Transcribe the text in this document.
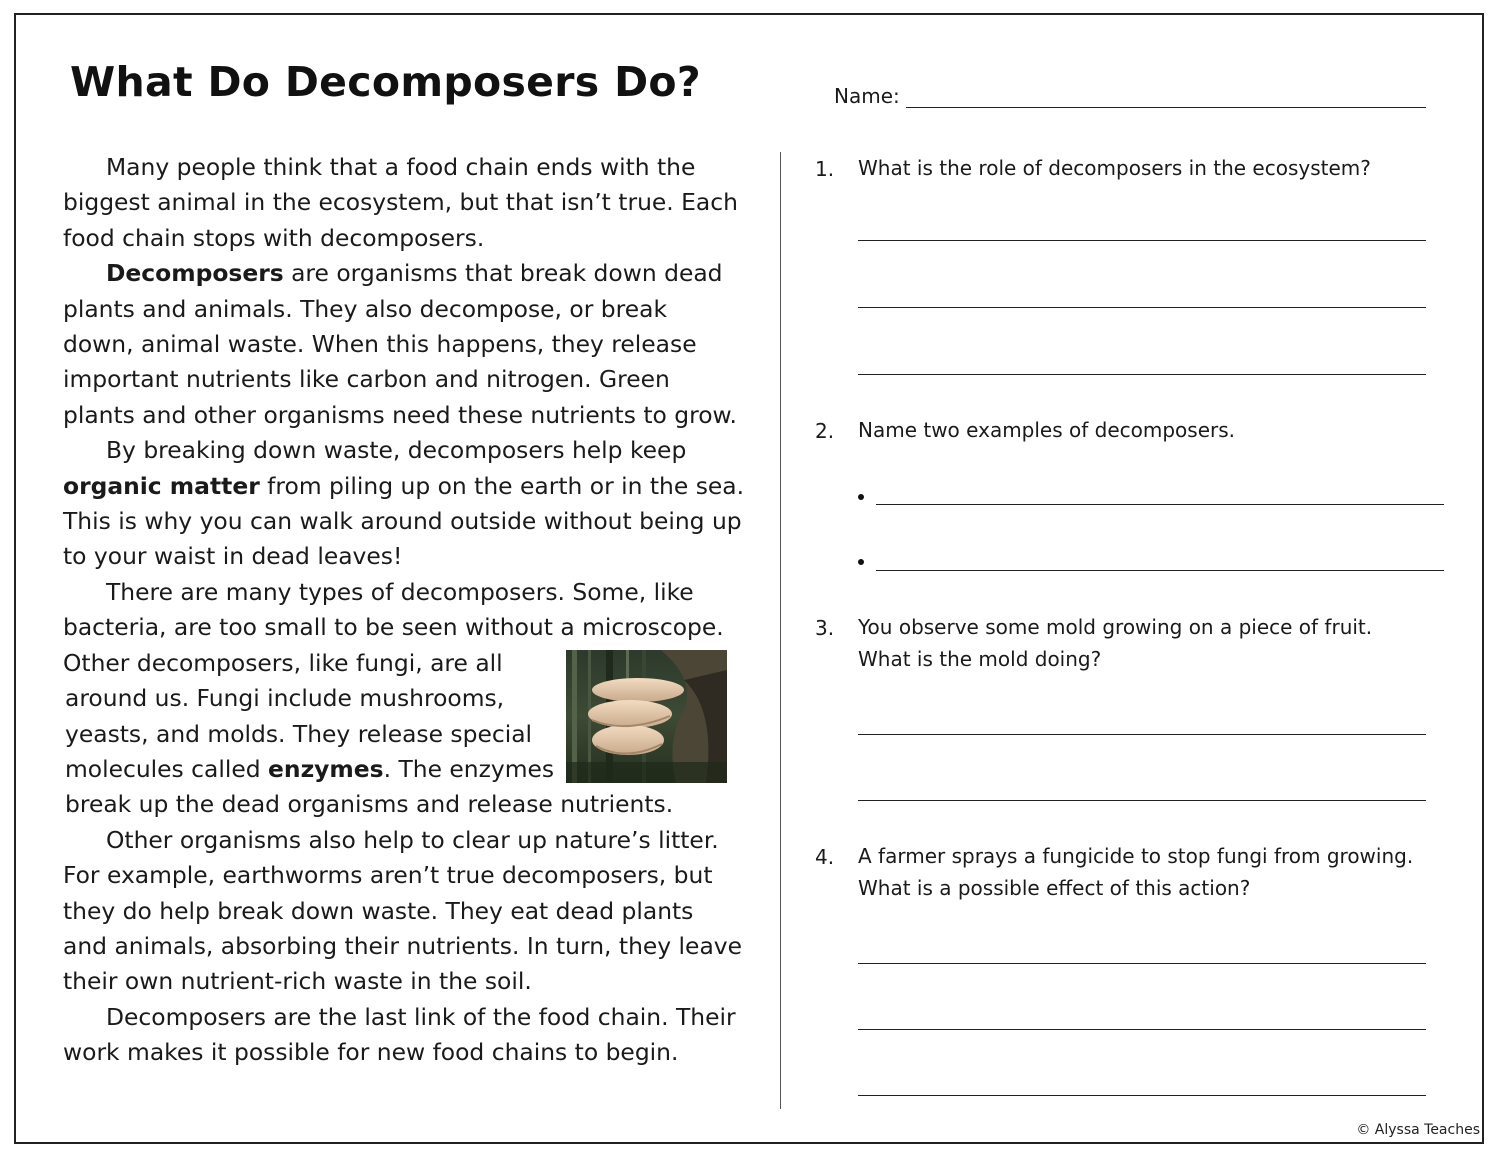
What Do Decomposers Do?	Name:

Many people think that a food chain ends with the

biggest animal in the ecosystem, but that isn’t true. Each

food chain stops with decomposers.

Decomposers are organisms that break down dead

plants and animals. They also decompose, or break

down, animal waste. When this happens, they release

important nutrients like carbon and nitrogen. Green

plants and other organisms need these nutrients to grow.

By breaking down waste, decomposers help keep

organic matter from piling up on the earth or in the sea.

This is why you can walk around outside without being up

to your waist in dead leaves!

There are many types of decomposers. Some, like

bacteria, are too small to be seen without a microscope.

Other decomposers, like fungi, are all

around us. Fungi include mushrooms,

yeasts, and molds. They release special

molecules called enzymes. The enzymes

break up the dead organisms and release nutrients.

Other organisms also help to clear up nature’s litter.

For example, earthworms aren’t true decomposers, but

they do help break down waste. They eat dead plants

and animals, absorbing their nutrients. In turn, they leave

their own nutrient-rich waste in the soil.

Decomposers are the last link of the food chain. Their

work makes it possible for new food chains to begin.

1. What is the role of decomposers in the ecosystem?
2. Name two examples of decomposers.
3. You observe some mold growing on a piece of fruit.
What is the mold doing?
4. A farmer sprays a fungicide to stop fungi from growing.
What is a possible effect of this action?
© Alyssa Teaches
